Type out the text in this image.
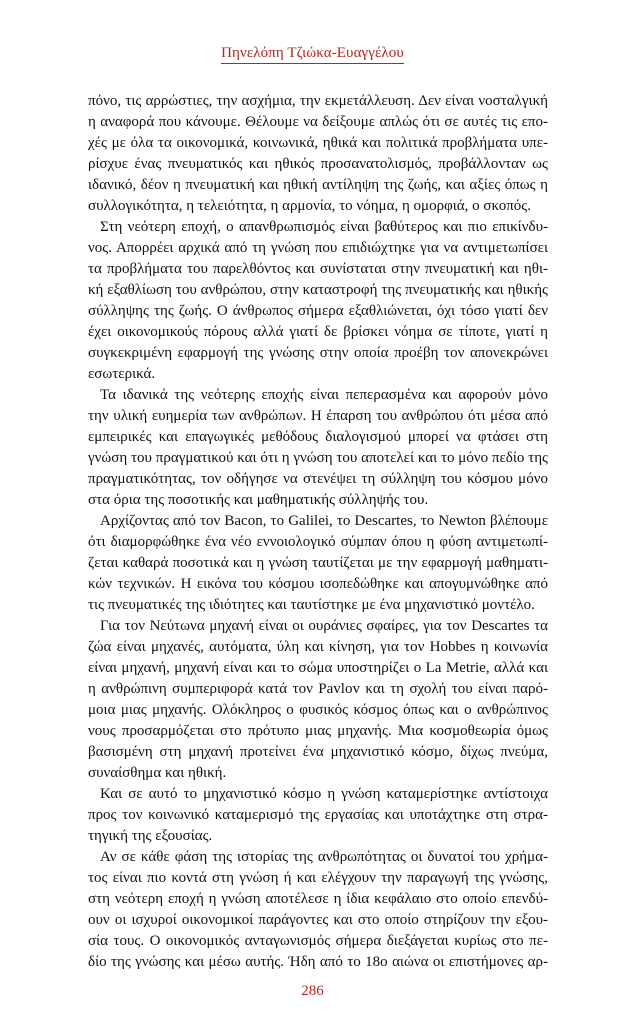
Πηνελόπη Τζιώκα-Ευαγγέλου
πόνο, τις αρρώστιες, την ασχήμια, την εκμετάλλευση. Δεν είναι νοσταλγική
η αναφορά που κάνουμε. Θέλουμε να δείξουμε απλώς ότι σε αυτές τις επο-
χές με όλα τα οικονομικά, κοινωνικά, ηθικά και πολιτικά προβλήματα υπε-
ρίσχυε ένας πνευματικός και ηθικός προσανατολισμός, προβάλλονταν ως
ιδανικό, δέον η πνευματική και ηθική αντίληψη της ζωής, και αξίες όπως η
συλλογικότητα, η τελειότητα, η αρμονία, το νόημα, η ομορφιά, ο σκοπός.
Στη νεότερη εποχή, ο απανθρωπισμός είναι βαθύτερος και πιο επικίνδυ-
νος. Απορρέει αρχικά από τη γνώση που επιδιώχτηκε για να αντιμετωπίσει
τα προβλήματα του παρελθόντος και συνίσταται στην πνευματική και ηθι-
κή εξαθλίωση του ανθρώπου, στην καταστροφή της πνευματικής και ηθικής
σύλληψης της ζωής. Ο άνθρωπος σήμερα εξαθλιώνεται, όχι τόσο γιατί δεν
έχει οικονομικούς πόρους αλλά γιατί δε βρίσκει νόημα σε τίποτε, γιατί η
συγκεκριμένη εφαρμογή της γνώσης στην οποία προέβη τον απονεκρώνει
εσωτερικά.
Τα ιδανικά της νεότερης εποχής είναι πεπερασμένα και αφορούν μόνο
την υλική ευημερία των ανθρώπων. Η έπαρση του ανθρώπου ότι μέσα από
εμπειρικές και επαγωγικές μεθόδους διαλογισμού μπορεί να φτάσει στη
γνώση του πραγματικού και ότι η γνώση του αποτελεί και το μόνο πεδίο της
πραγματικότητας, τον οδήγησε να στενέψει τη σύλληψη του κόσμου μόνο
στα όρια της ποσοτικής και μαθηματικής σύλληψής του.
Αρχίζοντας από τον Bacon, το Galilei, το Descartes, το Newton βλέπουμε
ότι διαμορφώθηκε ένα νέο εννοιολογικό σύμπαν όπου η φύση αντιμετωπί-
ζεται καθαρά ποσοτικά και η γνώση ταυτίζεται με την εφαρμογή μαθηματι-
κών τεχνικών. Η εικόνα του κόσμου ισοπεδώθηκε και απογυμνώθηκε από
τις πνευματικές της ιδιότητες και ταυτίστηκε με ένα μηχανιστικό μοντέλο.
Για τον Νεύτωνα μηχανή είναι οι ουράνιες σφαίρες, για τον Descartes τα
ζώα είναι μηχανές, αυτόματα, ύλη και κίνηση, για τον Hobbes η κοινωνία
είναι μηχανή, μηχανή είναι και το σώμα υποστηρίζει ο La Metrie, αλλά και
η ανθρώπινη συμπεριφορά κατά τον Pavlov και τη σχολή του είναι παρό-
μοια μιας μηχανής. Ολόκληρος ο φυσικός κόσμος όπως και ο ανθρώπινος
νους προσαρμόζεται στο πρότυπο μιας μηχανής. Μια κοσμοθεωρία όμως
βασισμένη στη μηχανή προτείνει ένα μηχανιστικό κόσμο, δίχως πνεύμα,
συναίσθημα και ηθική.
Και σε αυτό το μηχανιστικό κόσμο η γνώση καταμερίστηκε αντίστοιχα
προς τον κοινωνικό καταμερισμό της εργασίας και υποτάχτηκε στη στρα-
τηγική της εξουσίας.
Αν σε κάθε φάση της ιστορίας της ανθρωπότητας οι δυνατοί του χρήμα-
τος είναι πιο κοντά στη γνώση ή και ελέγχουν την παραγωγή της γνώσης,
στη νεότερη εποχή η γνώση αποτέλεσε η ίδια κεφάλαιο στο οποίο επενδύ-
ουν οι ισχυροί οικονομικοί παράγοντες και στο οποίο στηρίζουν την εξου-
σία τους. Ο οικονομικός ανταγωνισμός σήμερα διεξάγεται κυρίως στο πε-
δίο της γνώσης και μέσω αυτής. Ήδη από το 18ο αιώνα οι επιστήμονες αρ-
286
